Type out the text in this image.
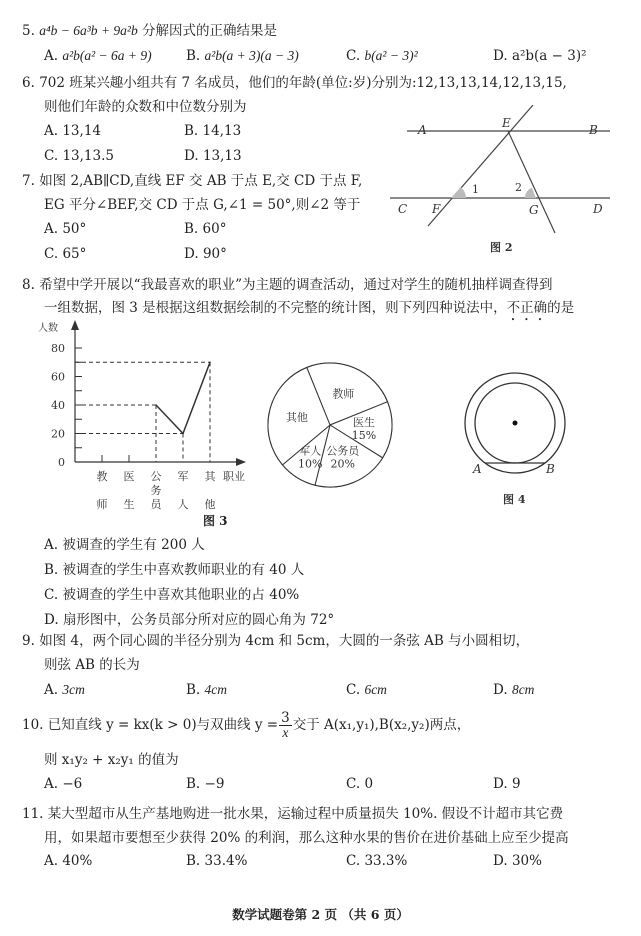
5. a⁴b − 6a³b + 9a²b 分解因式的正确结果是
A. a²b(a² − 6a + 9)	B. a²b(a + 3)(a − 3)	C. b(a² − 3)²	D. a²b(a − 3)²
6. 702 班某兴趣小组共有 7 名成员，他们的年龄(单位:岁)分别为:12,13,13,14,12,13,15,
则他们年龄的众数和中位数分别为
A. 13,14	B. 14,13
C. 13,13.5	D. 13,13
7. 如图 2,AB∥CD,直线 EF 交 AB 于点 E,交 CD 于点 F,
EG 平分∠BEF,交 CD 于点 G,∠1 = 50°,则∠2 等于
A. 50°	B. 60°
C. 65°	D. 90°
A	B
E
C F	G	D
1	2
图 2
8. 希望中学开展以“我最喜欢的职业”为主题的调查活动，通过对学生的随机抽样调查得到
一组数据，图 3 是根据这组数据绘制的不完整的统计图，则下列四种说法中，不正确的是
人数
0
20
40
60
80
教
师
医
生
公
务
员
军
人
其
他
职业
图 3
教师
医生
15%
公务员
20%
军人
10%
其他
A	B
图 4
A. 被调查的学生有 200 人
B. 被调查的学生中喜欢教师职业的有 40 人
C. 被调查的学生中喜欢其他职业的占 40%
D. 扇形图中，公务员部分所对应的圆心角为 72°
9. 如图 4，两个同心圆的半径分别为 4cm 和 5cm，大圆的一条弦 AB 与小圆相切，
则弦 AB 的长为
A. 3cm	B. 4cm	C. 6cm	D. 8cm
10. 已知直线 y = kx(k > 0)与双曲线 $y = \frac{3}{x}$ 交于 A(x₁,y₁),B(x₂,y₂)两点，
则 x₁y₂ + x₂y₁ 的值为
A. −6	B. −9	C. 0	D. 9
11. 某大型超市从生产基地购进一批水果，运输过程中质量损失 10%. 假设不计超市其它费
用，如果超市要想至少获得 20% 的利润，那么这种水果的售价在进价基础上应至少提高
A. 40%	B. 33.4%	C. 33.3%	D. 30%
数学试题卷第 2 页 （共 6 页）
